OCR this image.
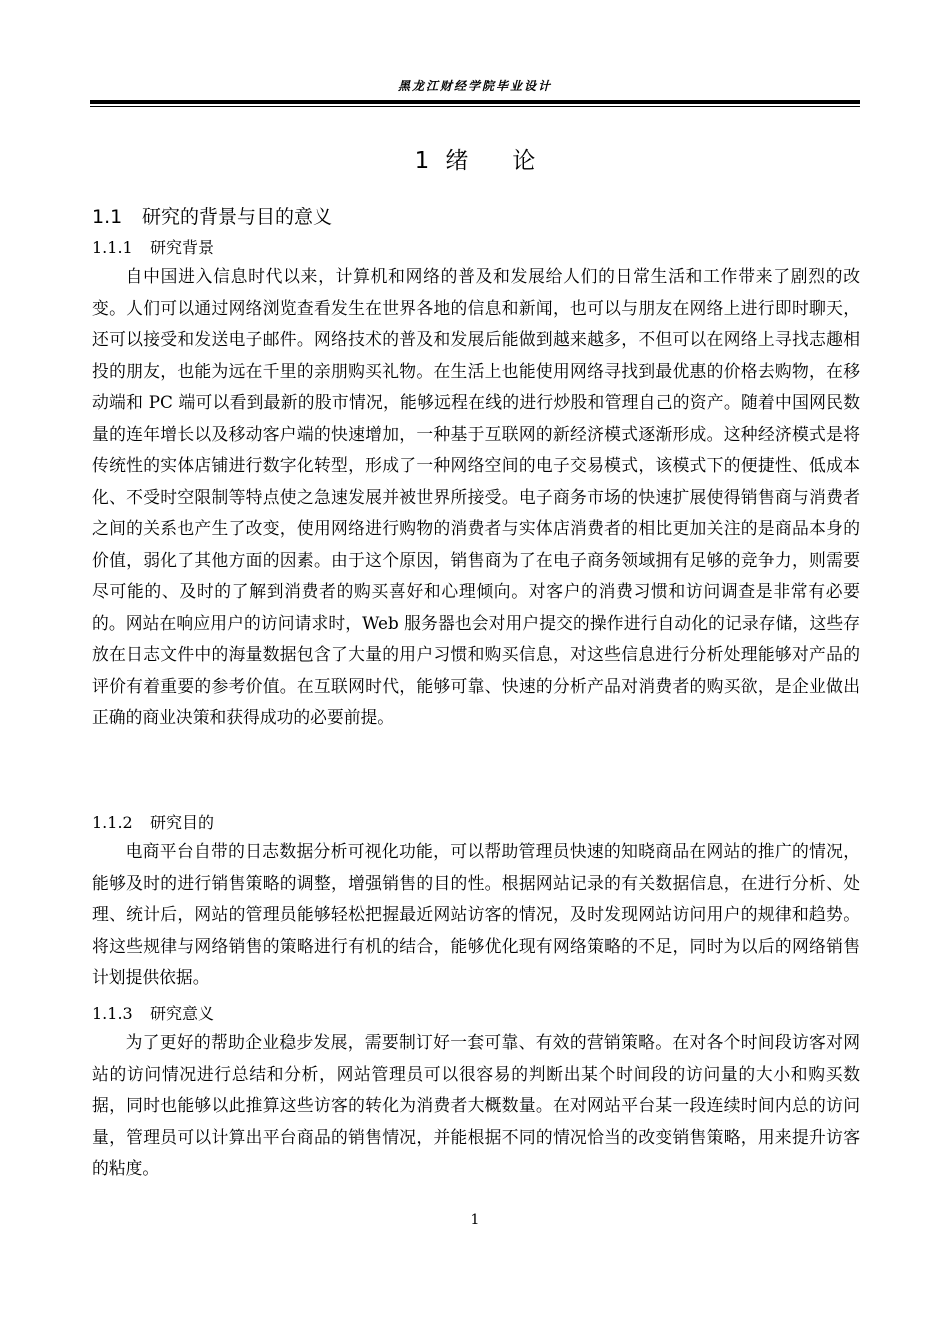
黑龙江财经学院毕业设计
1 绪 论
1.1 研究的背景与目的意义
1.1.1 研究背景

自中国进入信息时代以来，计算机和网络的普及和发展给人们的日常生活和工作带来了剧烈的改变。人们可以通过网络浏览查看发生在世界各地的信息和新闻，也可以与朋友在网络上进行即时聊天，还可以接受和发送电子邮件。网络技术的普及和发展后能做到越来越多，不但可以在网络上寻找志趣相投的朋友，也能为远在千里的亲朋购买礼物。在生活上也能使用网络寻找到最优惠的价格去购物，在移动端和 PC 端可以看到最新的股市情况，能够远程在线的进行炒股和管理自己的资产。随着中国网民数量的连年增长以及移动客户端的快速增加，一种基于互联网的新经济模式逐渐形成。这种经济模式是将传统性的实体店铺进行数字化转型，形成了一种网络空间的电子交易模式，该模式下的便捷性、低成本化、不受时空限制等特点使之急速发展并被世界所接受。电子商务市场的快速扩展使得销售商与消费者之间的关系也产生了改变，使用网络进行购物的消费者与实体店消费者的相比更加关注的是商品本身的价值，弱化了其他方面的因素。由于这个原因，销售商为了在电子商务领域拥有足够的竞争力，则需要尽可能的、及时的了解到消费者的购买喜好和心理倾向。对客户的消费习惯和访问调查是非常有必要的。网站在响应用户的访问请求时，Web 服务器也会对用户提交的操作进行自动化的记录存储，这些存放在日志文件中的海量数据包含了大量的用户习惯和购买信息，对这些信息进行分析处理能够对产品的评价有着重要的参考价值。在互联网时代，能够可靠、快速的分析产品对消费者的购买欲，是企业做出正确的商业决策和获得成功的必要前提。

1.1.2 研究目的

电商平台自带的日志数据分析可视化功能，可以帮助管理员快速的知晓商品在网站的推广的情况，能够及时的进行销售策略的调整，增强销售的目的性。根据网站记录的有关数据信息，在进行分析、处理、统计后，网站的管理员能够轻松把握最近网站访客的情况，及时发现网站访问用户的规律和趋势。将这些规律与网络销售的策略进行有机的结合，能够优化现有网络策略的不足，同时为以后的网络销售计划提供依据。

1.1.3 研究意义

为了更好的帮助企业稳步发展，需要制订好一套可靠、有效的营销策略。在对各个时间段访客对网站的访问情况进行总结和分析，网站管理员可以很容易的判断出某个时间段的访问量的大小和购买数据，同时也能够以此推算这些访客的转化为消费者大概数量。在对网站平台某一段连续时间内总的访问量，管理员可以计算出平台商品的销售情况，并能根据不同的情况恰当的改变销售策略，用来提升访客的粘度。

1
